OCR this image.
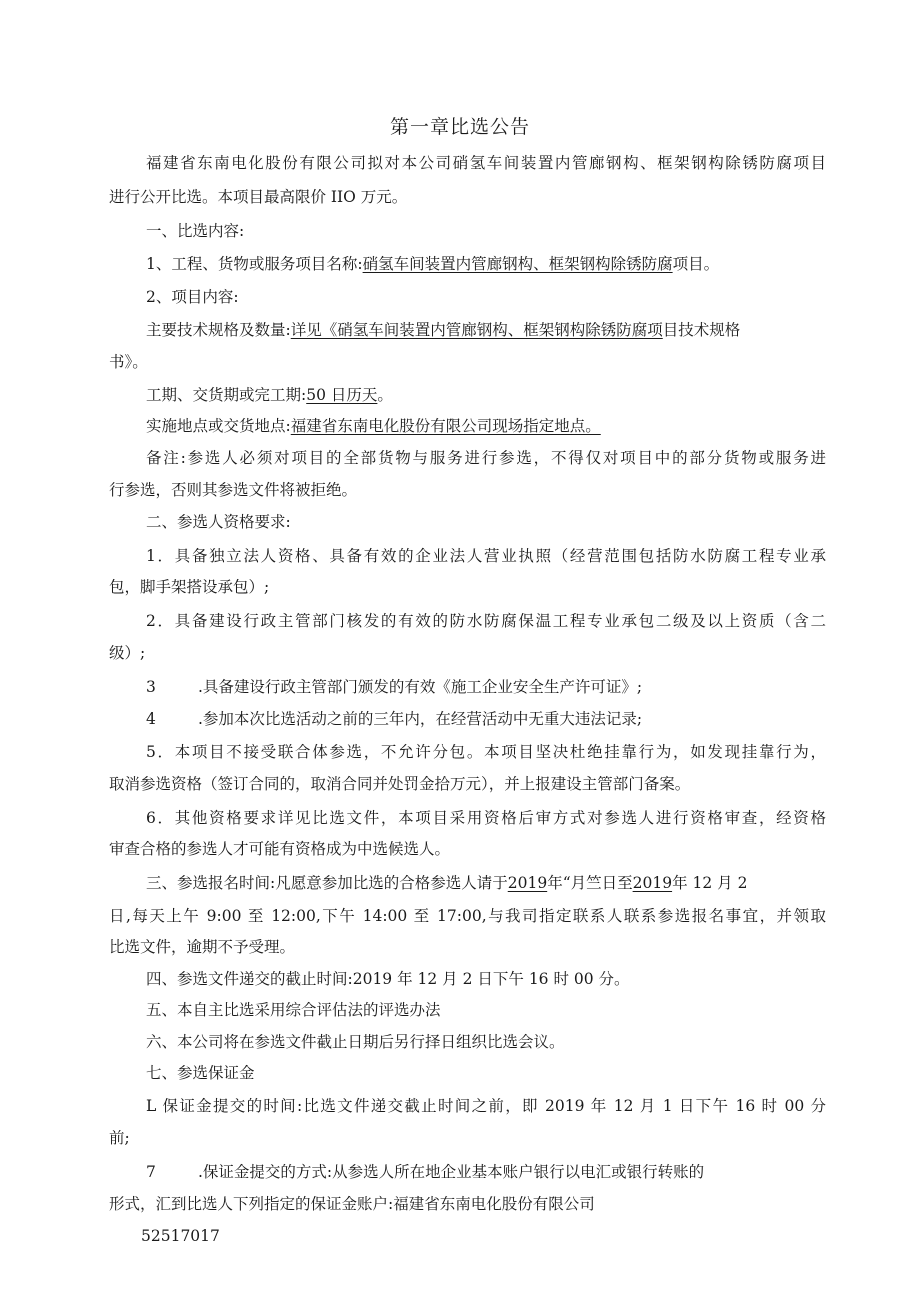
第一章比选公告
福建省东南电化股份有限公司拟对本公司硝氢车间装置内管廊钢构、框架钢构除锈防腐项目
进行公开比选。本项目最高限价 IIO 万元。
一、比选内容:
1、工程、货物或服务项目名称:硝氢车间装置内管廊钢构、框架钢构除锈防腐项目。
2、项目内容:
主要技术规格及数量:详见《硝氢车间装置内管廊钢构、框架钢构除锈防腐项目技术规格
书》。
工期、交货期或完工期:50 日历天。
实施地点或交货地点:福建省东南电化股份有限公司现场指定地点。
备注:参选人必须对项目的全部货物与服务进行参选，不得仅对项目中的部分货物或服务进
行参选，否则其参选文件将被拒绝。
二、参选人资格要求:
1．具备独立法人资格、具备有效的企业法人营业执照（经营范围包括防水防腐工程专业承
包，脚手架搭设承包）;
2．具备建设行政主管部门核发的有效的防水防腐保温工程专业承包二级及以上资质（含二
级）;
3	.具备建设行政主管部门颁发的有效《施工企业安全生产许可证》;
4	.参加本次比选活动之前的三年内，在经营活动中无重大违法记录;
5．本项目不接受联合体参选，不允许分包。本项目坚决杜绝挂靠行为，如发现挂靠行为，
取消参选资格（签订合同的，取消合同并处罚金拾万元），并上报建设主管部门备案。
6．其他资格要求详见比选文件，本项目采用资格后审方式对参选人进行资格审查，经资格
审查合格的参选人才可能有资格成为中选候选人。
三、参选报名时间:凡愿意参加比选的合格参选人请于2019年“月竺日至2019年 12 月 2
日,每天上午 9:00 至 12:00,下午 14:00 至 17:00,与我司指定联系人联系参选报名事宜，并领取
比选文件，逾期不予受理。
四、参选文件递交的截止时间:2019 年 12 月 2 日下午 16 时 00 分。
五、本自主比选采用综合评估法的评选办法
六、本公司将在参选文件截止日期后另行择日组织比选会议。
七、参选保证金
L 保证金提交的时间:比选文件递交截止时间之前，即 2019 年 12 月 1 日下午 16 时 00 分
前;
7	.保证金提交的方式:从参选人所在地企业基本账户银行以电汇或银行转账的
形式，汇到比选人下列指定的保证金账户:福建省东南电化股份有限公司
52517017
